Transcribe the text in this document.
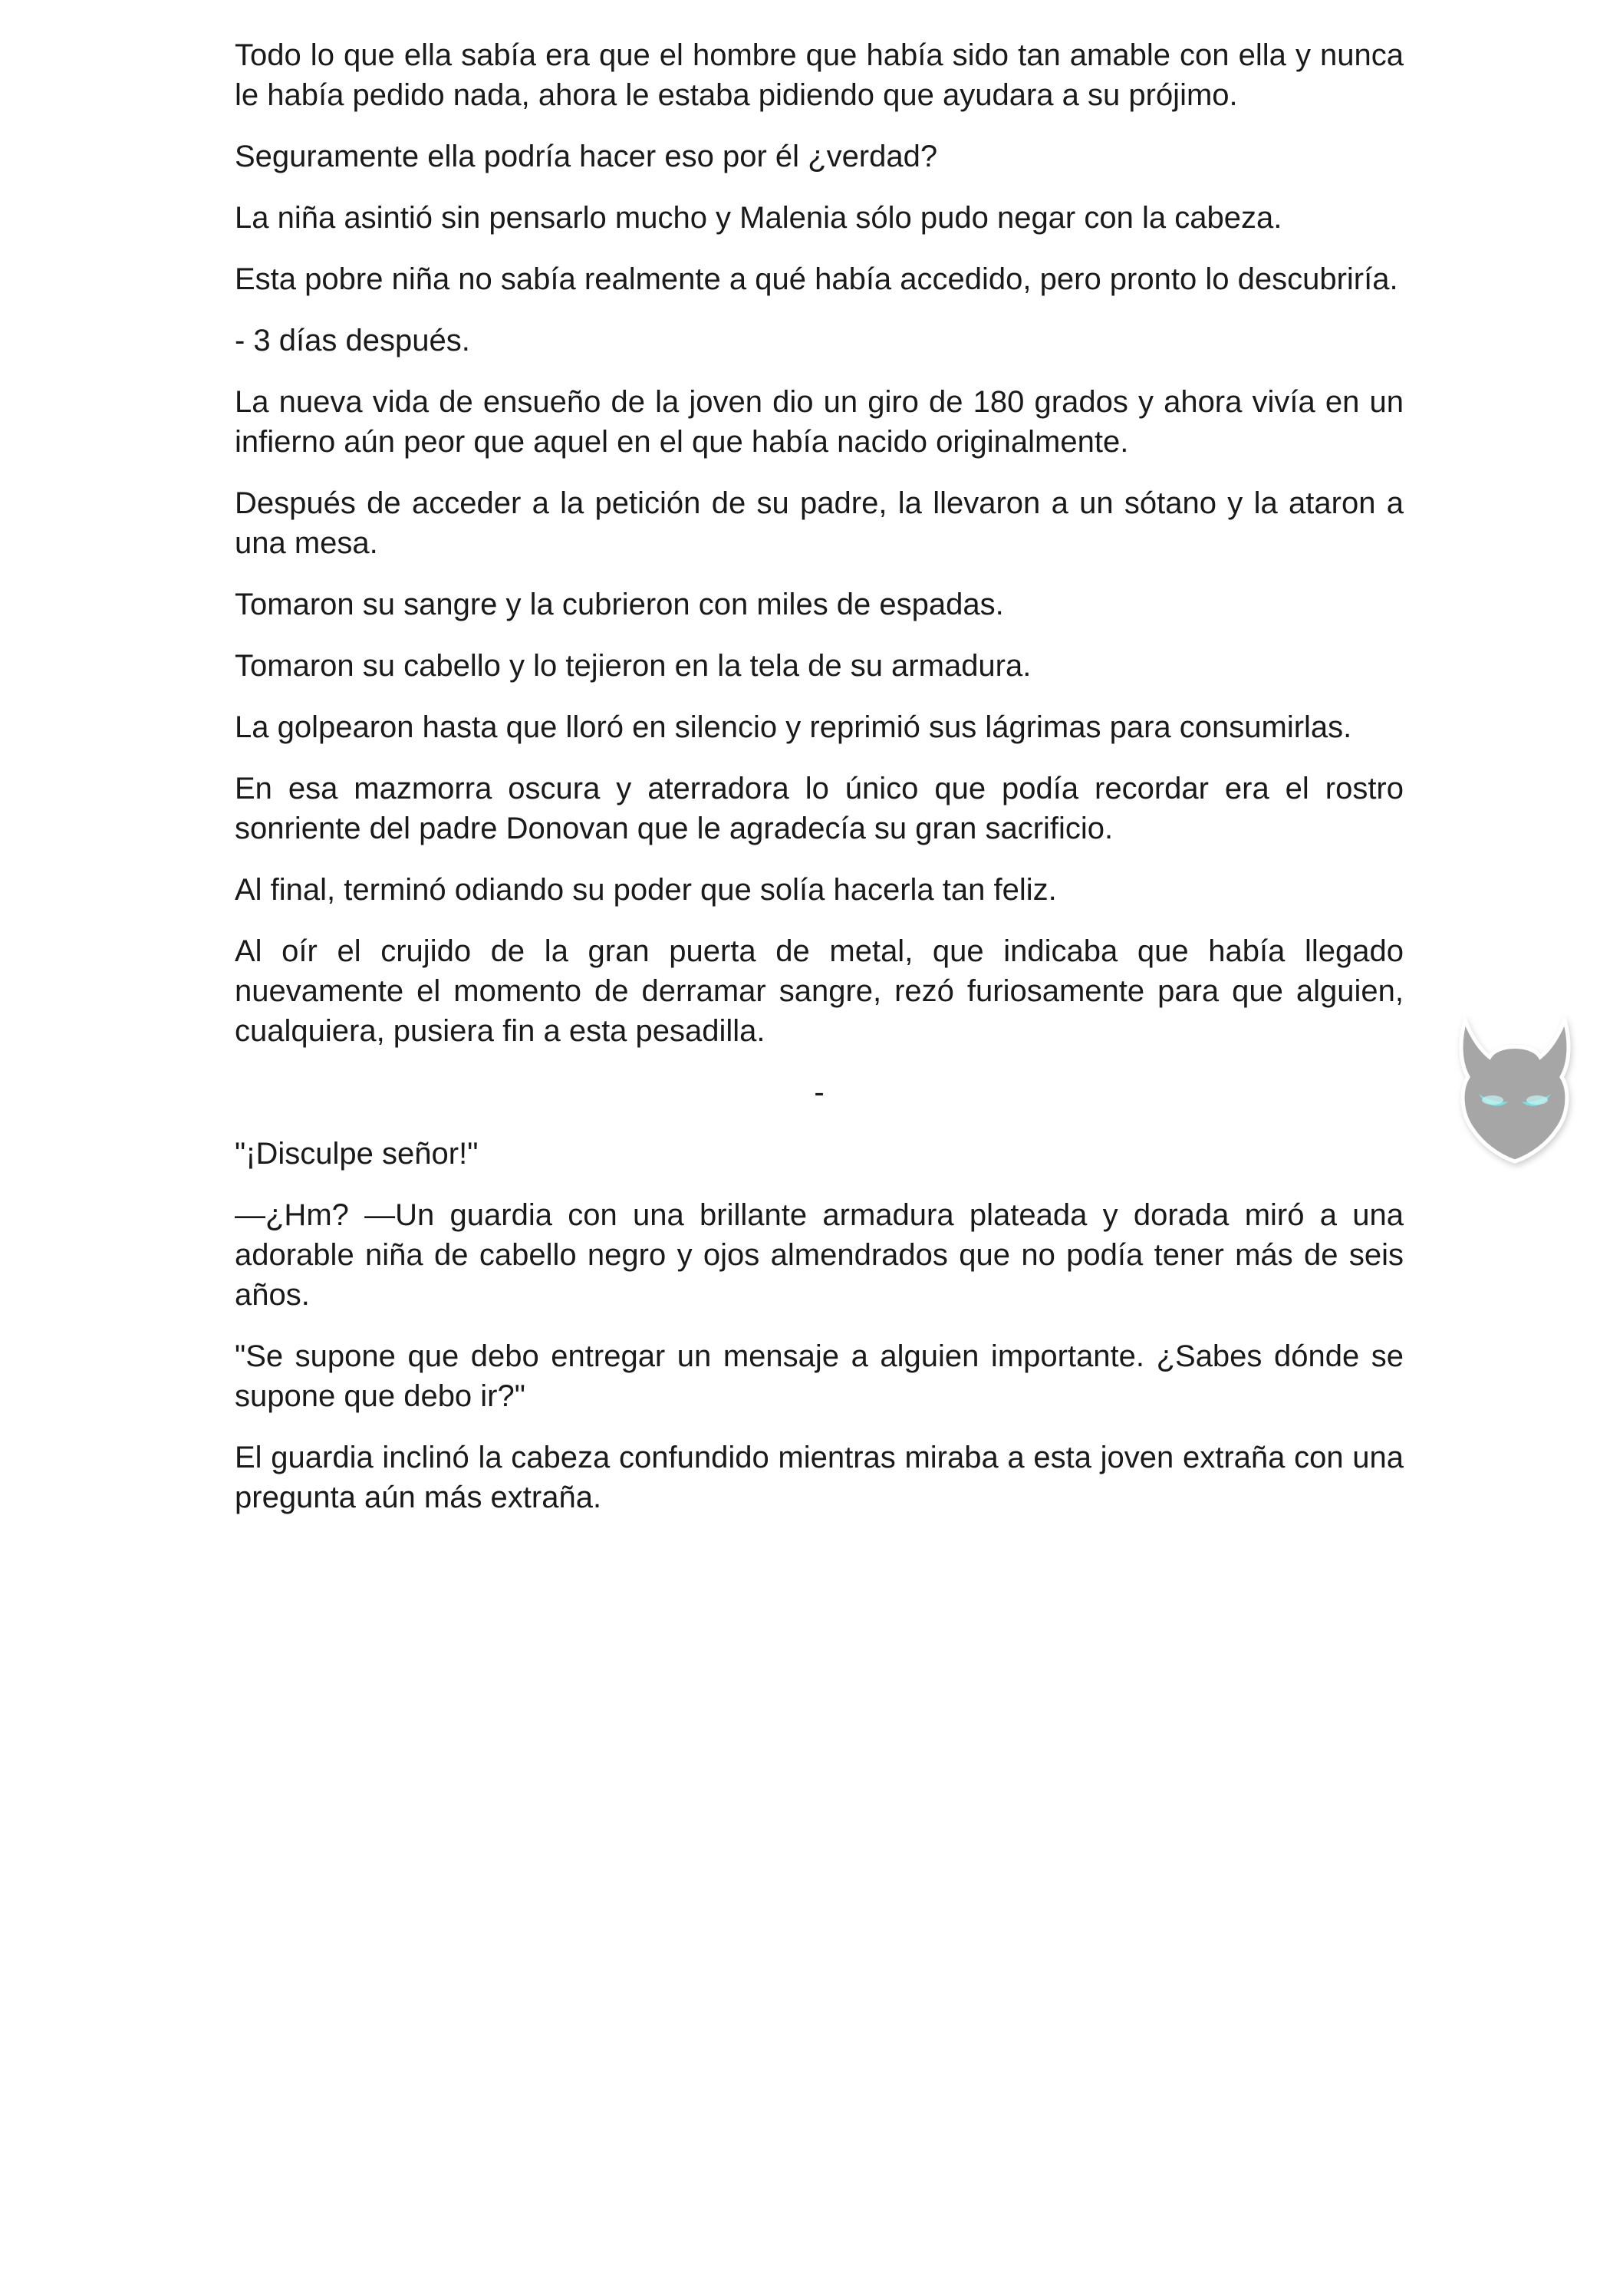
Todo lo que ella sabía era que el hombre que había sido tan amable con ella y nunca le había pedido nada, ahora le estaba pidiendo que ayudara a su prójimo.

Seguramente ella podría hacer eso por él ¿verdad?

La niña asintió sin pensarlo mucho y Malenia sólo pudo negar con la cabeza.

Esta pobre niña no sabía realmente a qué había accedido, pero pronto lo descubriría.

- 3 días después.

La nueva vida de ensueño de la joven dio un giro de 180 grados y ahora vivía en un infierno aún peor que aquel en el que había nacido originalmente.

Después de acceder a la petición de su padre, la llevaron a un sótano y la ataron a una mesa.

Tomaron su sangre y la cubrieron con miles de espadas.

Tomaron su cabello y lo tejieron en la tela de su armadura.

La golpearon hasta que lloró en silencio y reprimió sus lágrimas para consumirlas.

En esa mazmorra oscura y aterradora lo único que podía recordar era el rostro sonriente del padre Donovan que le agradecía su gran sacrificio.

Al final, terminó odiando su poder que solía hacerla tan feliz.

Al oír el crujido de la gran puerta de metal, que indicaba que había llegado nuevamente el momento de derramar sangre, rezó furiosamente para que alguien, cualquiera, pusiera fin a esta pesadilla.

-

"¡Disculpe señor!"

—¿Hm? —Un guardia con una brillante armadura plateada y dorada miró a una adorable niña de cabello negro y ojos almendrados que no podía tener más de seis años.

"Se supone que debo entregar un mensaje a alguien importante. ¿Sabes dónde se supone que debo ir?"

El guardia inclinó la cabeza confundido mientras miraba a esta joven extraña con una pregunta aún más extraña.
